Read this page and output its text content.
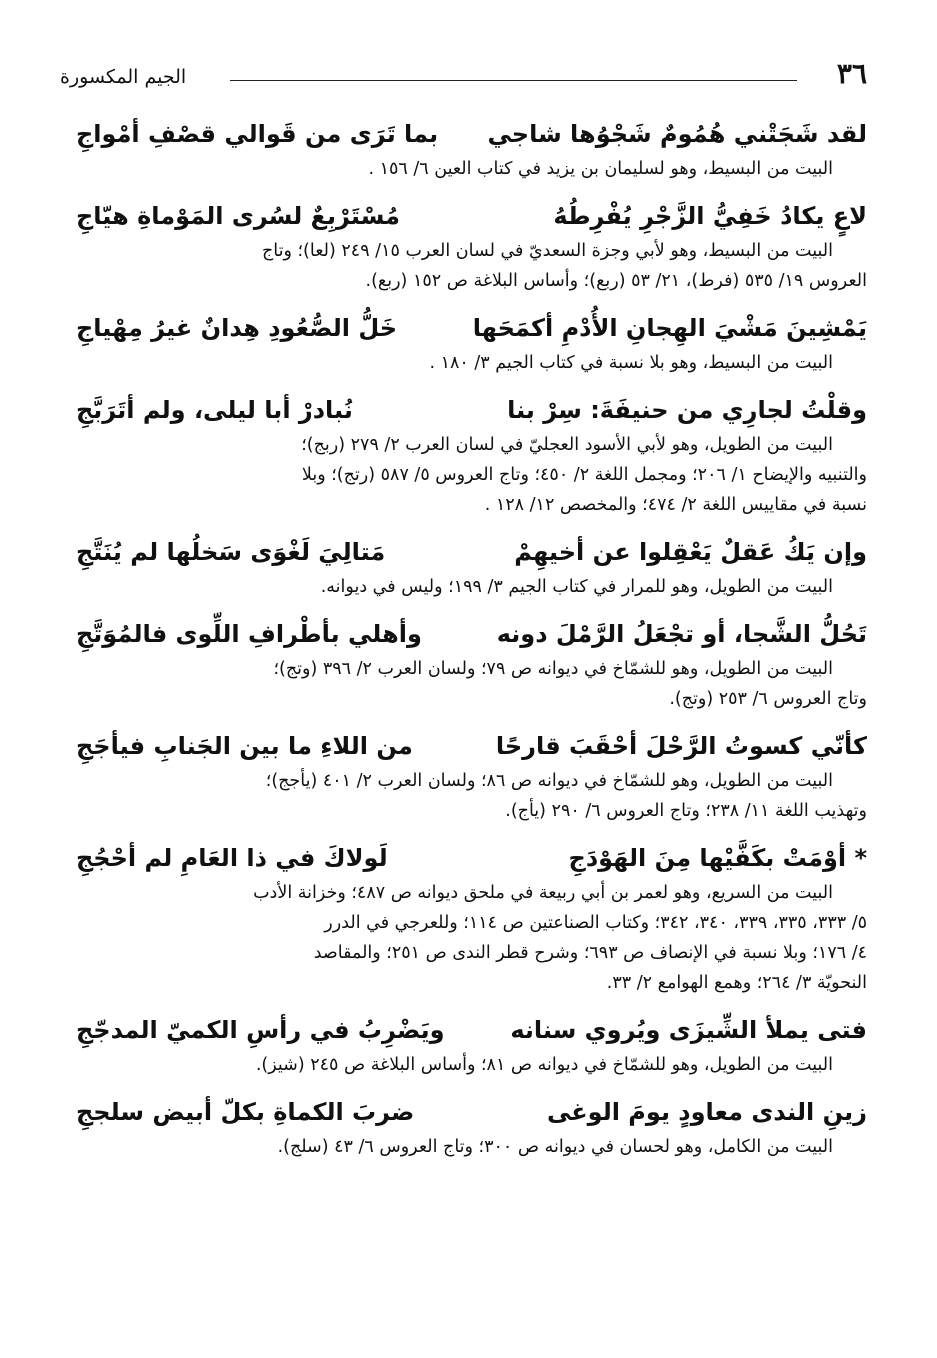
٣٦
الجيم المكسورة
لقد شَجَتْني هُمُومٌ شَجْوُها شاجي
بما تَرَى من قَوالي قصْفِ أمْواجِ
البيت من البسيط، وهو لسليمان بن يزيد في كتاب العين ٦/ ١٥٦ .
لاعٍ يكادُ خَفِيُّ الزَّجْرِ يُفْرِطُهُ
مُسْتَرْبِعٌ لسُرى المَوْماةِ هيّاجِ
البيت من البسيط، وهو لأبي وجزة السعديّ في لسان العرب ١٥/ ٢٤٩ (لعا)؛ وتاج
العروس ١٩/ ٥٣٥ (فرط)، ٢١/ ٥٣ (ربع)؛ وأساس البلاغة ص ١٥٢ (ربع).
يَمْشِينَ مَشْيَ الهِجانِ الأُدْمِ أكمَحَها
خَلُّ الصُّعُودِ هِدانٌ غيرُ مِهْياجِ
البيت من البسيط، وهو بلا نسبة في كتاب الجيم ٣/ ١٨٠ .
وقلْتُ لجارِي من حنيفَةَ: سِرْ بنا
نُبادرْ أبا ليلى، ولم أتَرَبَّجِ
البيت من الطويل، وهو لأبي الأسود العجليّ في لسان العرب ٢/ ٢٧٩ (ربج)؛
والتنبيه والإيضاح ١/ ٢٠٦؛ ومجمل اللغة ٢/ ٤٥٠؛ وتاج العروس ٥/ ٥٨٧ (رتج)؛ وبلا
نسبة في مقاييس اللغة ٢/ ٤٧٤؛ والمخصص ١٢/ ١٢٨ .
وإن يَكُ عَقلٌ يَعْقِلوا عن أخيهِمْ
مَتالِيَ لَغْوَى سَخلُها لم يُنَتَّجِ
البيت من الطويل، وهو للمرار في كتاب الجيم ٣/ ١٩٩؛ وليس في ديوانه.
تَحُلُّ الشَّجا، أو تجْعَلُ الرَّمْلَ دونه
وأهلي بأطْرافِ اللِّوى فالمُوَتَّجِ
البيت من الطويل، وهو للشمّاخ في ديوانه ص ٧٩؛ ولسان العرب ٢/ ٣٩٦ (وتج)؛
وتاج العروس ٦/ ٢٥٣ (وتج).
كأنّي كسوتُ الرَّحْلَ أحْقَبَ قارحًا
من اللاءِ ما بين الجَنابِ فيأجَجِ
البيت من الطويل، وهو للشمّاخ في ديوانه ص ٨٦؛ ولسان العرب ٢/ ٤٠١ (يأجج)؛
وتهذيب اللغة ١١/ ٢٣٨؛ وتاج العروس ٦/ ٢٩٠ (يأج).
* أوْمَتْ بكَفَّيْها مِنَ الهَوْدَجِ
لَولاكَ في ذا العَامِ لم أحْجُجِ
البيت من السريع، وهو لعمر بن أبي ربيعة في ملحق ديوانه ص ٤٨٧؛ وخزانة الأدب
٥/ ٣٣٣، ٣٣٥، ٣٣٩، ٣٤٠، ٣٤٢؛ وكتاب الصناعتين ص ١١٤؛ وللعرجي في الدرر
٤/ ١٧٦؛ وبلا نسبة في الإنصاف ص ٦٩٣؛ وشرح قطر الندى ص ٢٥١؛ والمقاصد
النحويّة ٣/ ٢٦٤؛ وهمع الهوامع ٢/ ٣٣.
فتى يملأ الشِّيزَى ويُروي سنانه
ويَضْرِبُ في رأسِ الكميّ المدجّجِ
البيت من الطويل، وهو للشمّاخ في ديوانه ص ٨١؛ وأساس البلاغة ص ٢٤٥ (شيز).
زينِ الندى معاودٍ يومَ الوغى
ضربَ الكماةِ بكلّ أبيض سلججِ
البيت من الكامل، وهو لحسان في ديوانه ص ٣٠٠؛ وتاج العروس ٦/ ٤٣ (سلج).
